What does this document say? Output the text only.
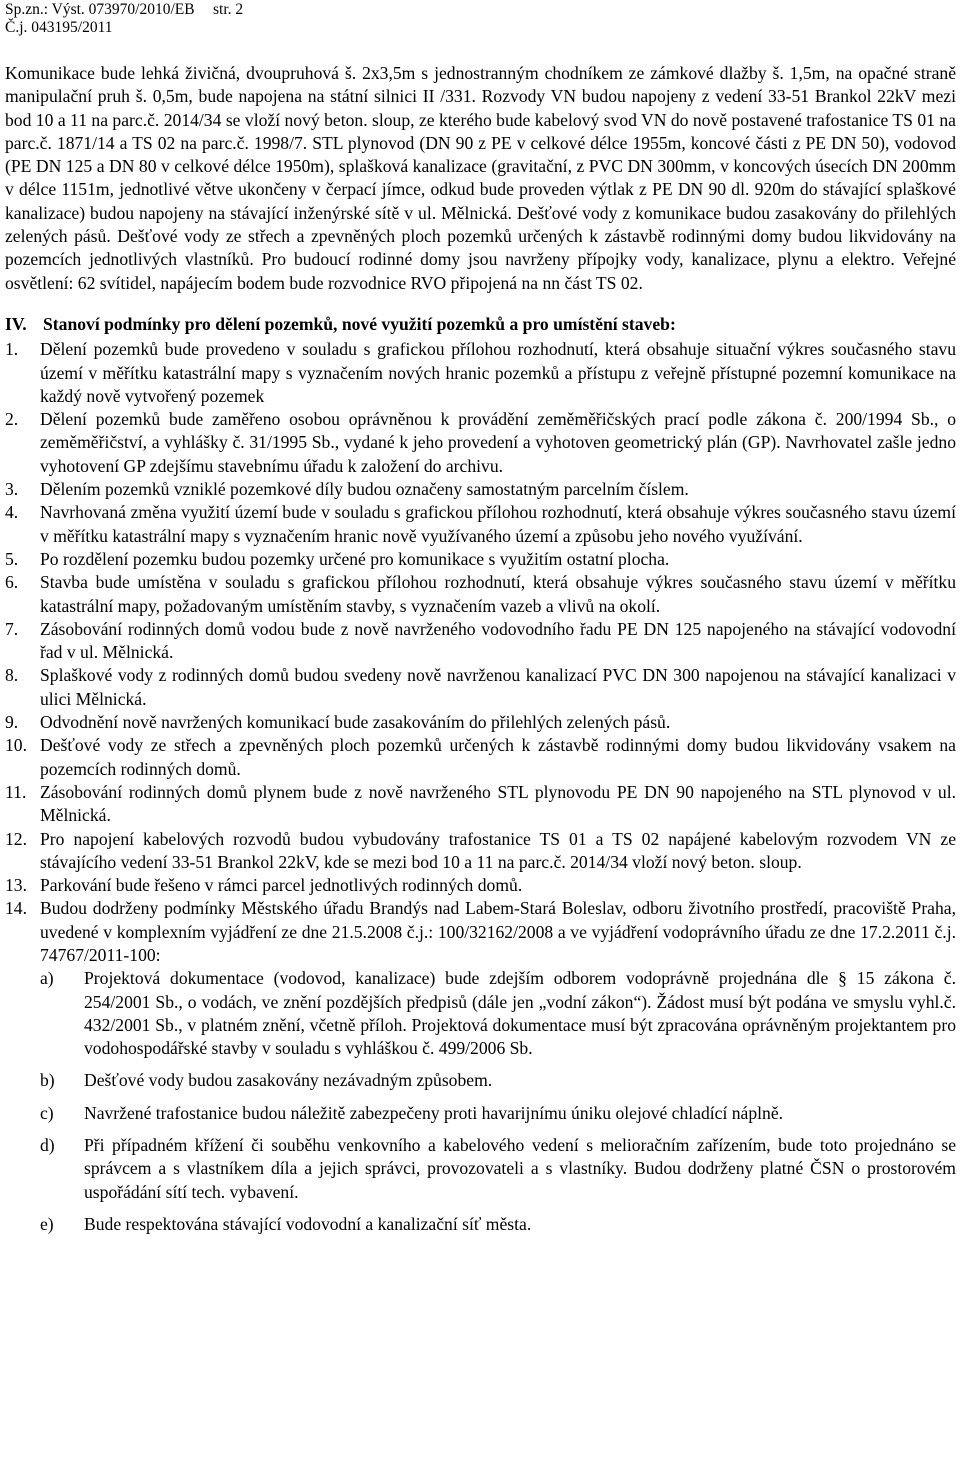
Sp.zn.: Výst. 073970/2010/EB	str. 2
Č.j. 043195/2011

Komunikace bude lehká živičná, dvoupruhová š. 2x3,5m s jednostranným chodníkem ze zámkové dlažby š. 1,5m, na opačné straně manipulační pruh š. 0,5m, bude napojena na státní silnici II /331. Rozvody VN budou napojeny z vedení 33-51 Brankol 22kV mezi bod 10 a 11 na parc.č. 2014/34 se vloží nový beton. sloup, ze kterého bude kabelový svod VN do nově postavené trafostanice TS 01 na parc.č. 1871/14 a TS 02 na parc.č. 1998/7. STL plynovod (DN 90 z PE v celkové délce 1955m, koncové části z PE DN 50), vodovod (PE DN 125 a DN 80 v celkové délce 1950m), splašková kanalizace (gravitační, z PVC DN 300mm, v koncových úsecích DN 200mm v délce 1151m, jednotlivé větve ukončeny v čerpací jímce, odkud bude proveden výtlak z PE DN 90 dl. 920m do stávající splaškové kanalizace) budou napojeny na stávající inženýrské sítě v ul. Mělnická. Dešťové vody z komunikace budou zasakovány do přilehlých zelených pásů. Dešťové vody ze střech a zpevněných ploch pozemků určených k zástavbě rodinnými domy budou likvidovány na pozemcích jednotlivých vlastníků. Pro budoucí rodinné domy jsou navrženy přípojky vody, kanalizace, plynu a elektro. Veřejné osvětlení: 62 svítidel, napájecím bodem bude rozvodnice RVO připojená na nn část TS 02.

IV. Stanoví podmínky pro dělení pozemků, nové využití pozemků a pro umístění staveb:
1.	Dělení pozemků bude provedeno v souladu s grafickou přílohou rozhodnutí, která obsahuje situační výkres současného stavu území v měřítku katastrální mapy s vyznačením nových hranic pozemků a přístupu z veřejně přístupné pozemní komunikace na každý nově vytvořený pozemek
2.	Dělení pozemků bude zaměřeno osobou oprávněnou k provádění zeměměřičských prací podle zákona č. 200/1994 Sb., o zeměměřičství, a vyhlášky č. 31/1995 Sb., vydané k jeho provedení a vyhotoven geometrický plán (GP). Navrhovatel zašle jedno vyhotovení GP zdejšímu stavebnímu úřadu k založení do archivu.
3.	Dělením pozemků vzniklé pozemkové díly budou označeny samostatným parcelním číslem.
4.	Navrhovaná změna využití území bude v souladu s grafickou přílohou rozhodnutí, která obsahuje výkres současného stavu území v měřítku katastrální mapy s vyznačením hranic nově využívaného území a způsobu jeho nového využívání.
5.	Po rozdělení pozemku budou pozemky určené pro komunikace s využitím ostatní plocha.
6.	Stavba bude umístěna v souladu s grafickou přílohou rozhodnutí, která obsahuje výkres současného stavu území v měřítku katastrální mapy, požadovaným umístěním stavby, s vyznačením vazeb a vlivů na okolí.
7.	Zásobování rodinných domů vodou bude z nově navrženého vodovodního řadu PE DN 125 napojeného na stávající vodovodní řad v ul. Mělnická.
8.	Splaškové vody z rodinných domů budou svedeny nově navrženou kanalizací PVC DN 300 napojenou na stávající kanalizaci v ulici Mělnická.
9.	Odvodnění nově navržených komunikací bude zasakováním do přilehlých zelených pásů.
10. Dešťové vody ze střech a zpevněných ploch pozemků určených k zástavbě rodinnými domy budou likvidovány vsakem na pozemcích rodinných domů.
11. Zásobování rodinných domů plynem bude z nově navrženého STL plynovodu PE DN 90 napojeného na STL plynovod v ul. Mělnická.
12. Pro napojení kabelových rozvodů budou vybudovány trafostanice TS 01 a TS 02 napájené kabelovým rozvodem VN ze stávajícího vedení 33-51 Brankol 22kV, kde se mezi bod 10 a 11 na parc.č. 2014/34 vloží nový beton. sloup.
13. Parkování bude řešeno v rámci parcel jednotlivých rodinných domů.
14. Budou dodrženy podmínky Městského úřadu Brandýs nad Labem-Stará Boleslav, odboru životního prostředí, pracoviště Praha, uvedené v komplexním vyjádření ze dne 21.5.2008 č.j.: 100/32162/2008 a ve vyjádření vodoprávního úřadu ze dne 17.2.2011 č.j. 74767/2011-100:
a)	Projektová dokumentace (vodovod, kanalizace) bude zdejším odborem vodoprávně projednána dle § 15 zákona č. 254/2001 Sb., o vodách, ve znění pozdějších předpisů (dále jen „vodní zákon“). Žádost musí být podána ve smyslu vyhl.č. 432/2001 Sb., v platném znění, včetně příloh. Projektová dokumentace musí být zpracována oprávněným projektantem pro vodohospodářské stavby v souladu s vyhláškou č. 499/2006 Sb.
b)	Dešťové vody budou zasakovány nezávadným způsobem.
c)	Navržené trafostanice budou náležitě zabezpečeny proti havarijnímu úniku olejové chladící náplně.
d)	Při případném křížení či souběhu venkovního a kabelového vedení s melioračním zařízením, bude toto projednáno se správcem a s vlastníkem díla a jejich správci, provozovateli a s vlastníky. Budou dodrženy platné ČSN o prostorovém uspořádání sítí tech. vybavení.
e)	Bude respektována stávající vodovodní a kanalizační síť města.
